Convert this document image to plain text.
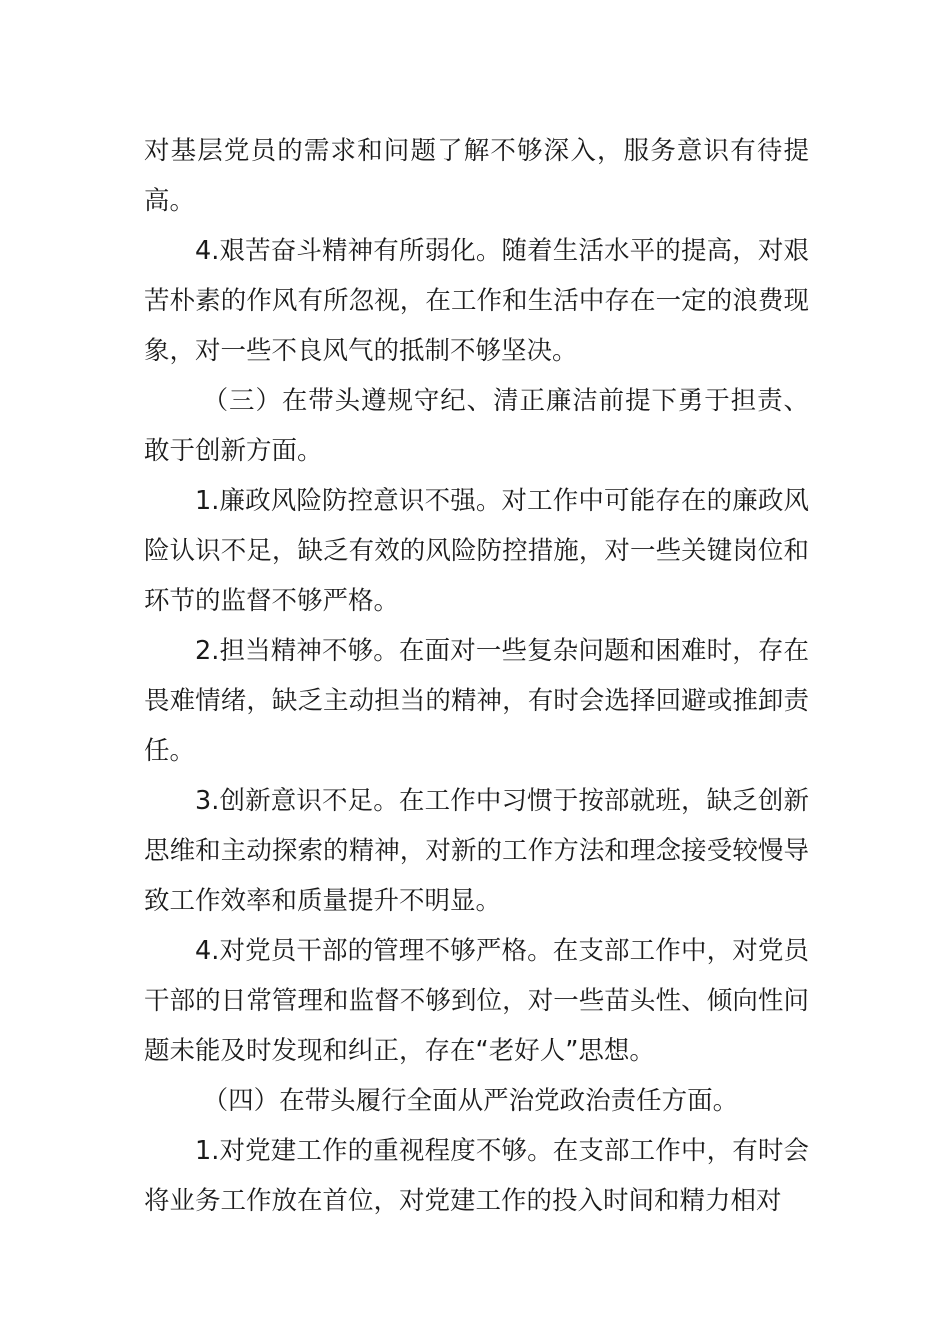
对基层党员的需求和问题了解不够深入，服务意识有待提高。

4.艰苦奋斗精神有所弱化。随着生活水平的提高，对艰苦朴素的作风有所忽视，在工作和生活中存在一定的浪费现象，对一些不良风气的抵制不够坚决。

（三）在带头遵规守纪、清正廉洁前提下勇于担责、敢于创新方面。

1.廉政风险防控意识不强。对工作中可能存在的廉政风险认识不足，缺乏有效的风险防控措施，对一些关键岗位和环节的监督不够严格。

2.担当精神不够。在面对一些复杂问题和困难时，存在畏难情绪，缺乏主动担当的精神，有时会选择回避或推卸责任。

3.创新意识不足。在工作中习惯于按部就班，缺乏创新思维和主动探索的精神，对新的工作方法和理念接受较慢导致工作效率和质量提升不明显。

4.对党员干部的管理不够严格。在支部工作中，对党员干部的日常管理和监督不够到位，对一些苗头性、倾向性问题未能及时发现和纠正，存在“老好人”思想。

（四）在带头履行全面从严治党政治责任方面。

1.对党建工作的重视程度不够。在支部工作中，有时会将业务工作放在首位，对党建工作的投入时间和精力相对
